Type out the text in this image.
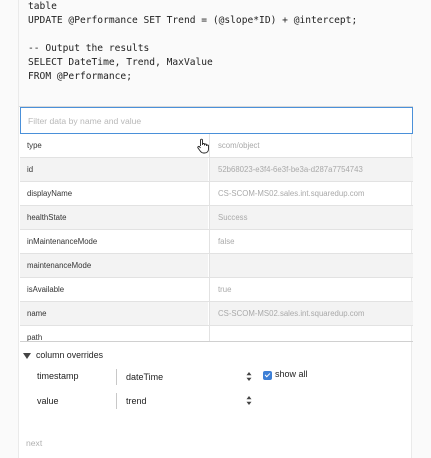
table
UPDATE @Performance SET Trend = (@slope*ID) + @intercept;
-- Output the results
SELECT DateTime, Trend, MaxValue
FROM @Performance;
Filter data by name and value
type	scom/object
id	52b68023-e3f4-6e3f-be3a-d287a7754743
displayName	CS-SCOM-MS02.sales.int.squaredup.com
healthState	Success
inMaintenanceMode	false
maintenanceMode
isAvailable	true
name	CS-SCOM-MS02.sales.int.squaredup.com
path
column overrides
timestamp	dateTime	show all
value	trend
next
